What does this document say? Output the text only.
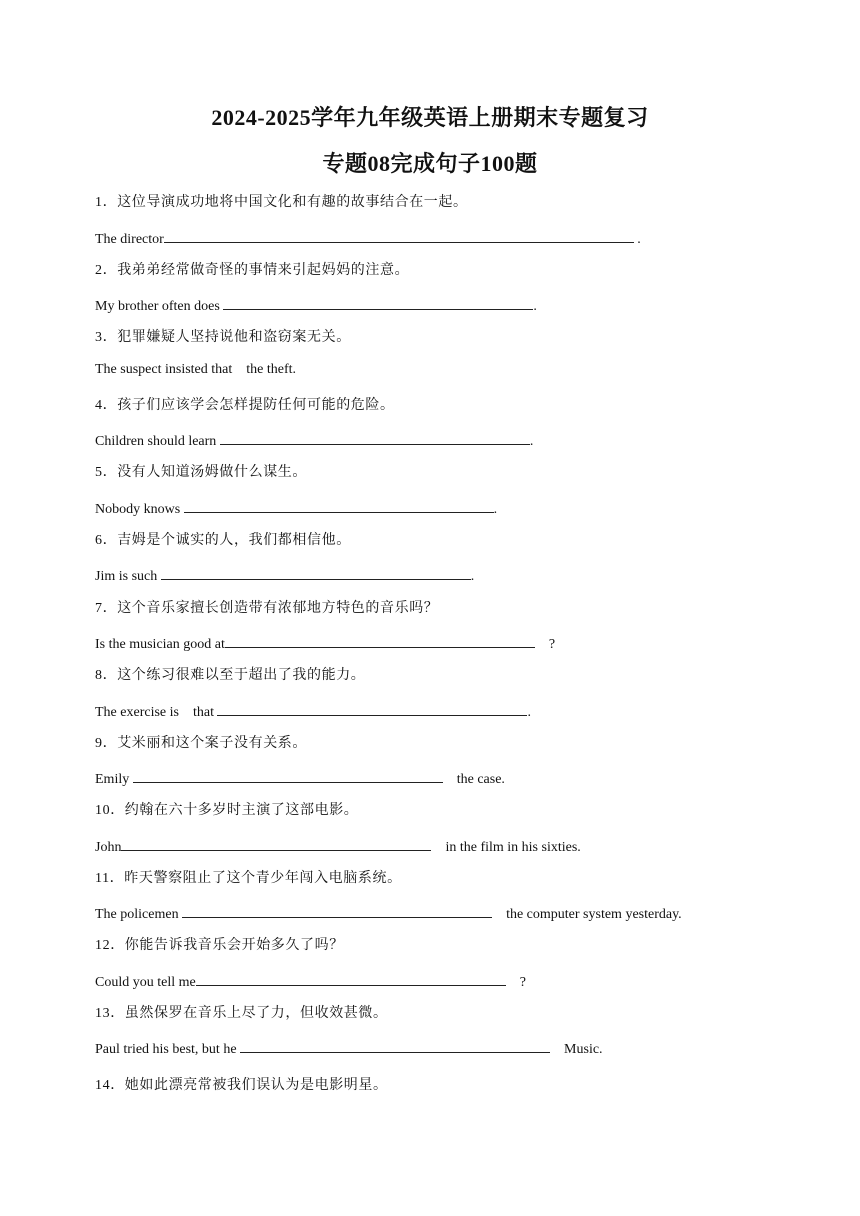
2024-2025学年九年级英语上册期末专题复习
专题08完成句子100题
1．这位导演成功地将中国文化和有趣的故事结合在一起。
The director	.
2．我弟弟经常做奇怪的事情来引起妈妈的注意。
My brother often does	.
3．犯罪嫌疑人坚持说他和盗窃案无关。
The suspect insisted that    the theft.
4．孩子们应该学会怎样提防任何可能的危险。
Children should learn	.
5．没有人知道汤姆做什么谋生。
Nobody knows	.
6．吉姆是个诚实的人，我们都相信他。
Jim is such	.
7．这个音乐家擅长创造带有浓郁地方特色的音乐吗？
Is the musician good at	?
8．这个练习很难以至于超出了我的能力。
The exercise is    that	.
9．艾米丽和这个案子没有关系。
Emily	the case.
10．约翰在六十多岁时主演了这部电影。
John	in the film in his sixties.
11．昨天警察阻止了这个青少年闯入电脑系统。
The policemen	the computer system yesterday.
12．你能告诉我音乐会开始多久了吗？
Could you tell me	?
13．虽然保罗在音乐上尽了力，但收效甚微。
Paul tried his best, but he	Music.
14．她如此漂亮常被我们误认为是电影明星。
